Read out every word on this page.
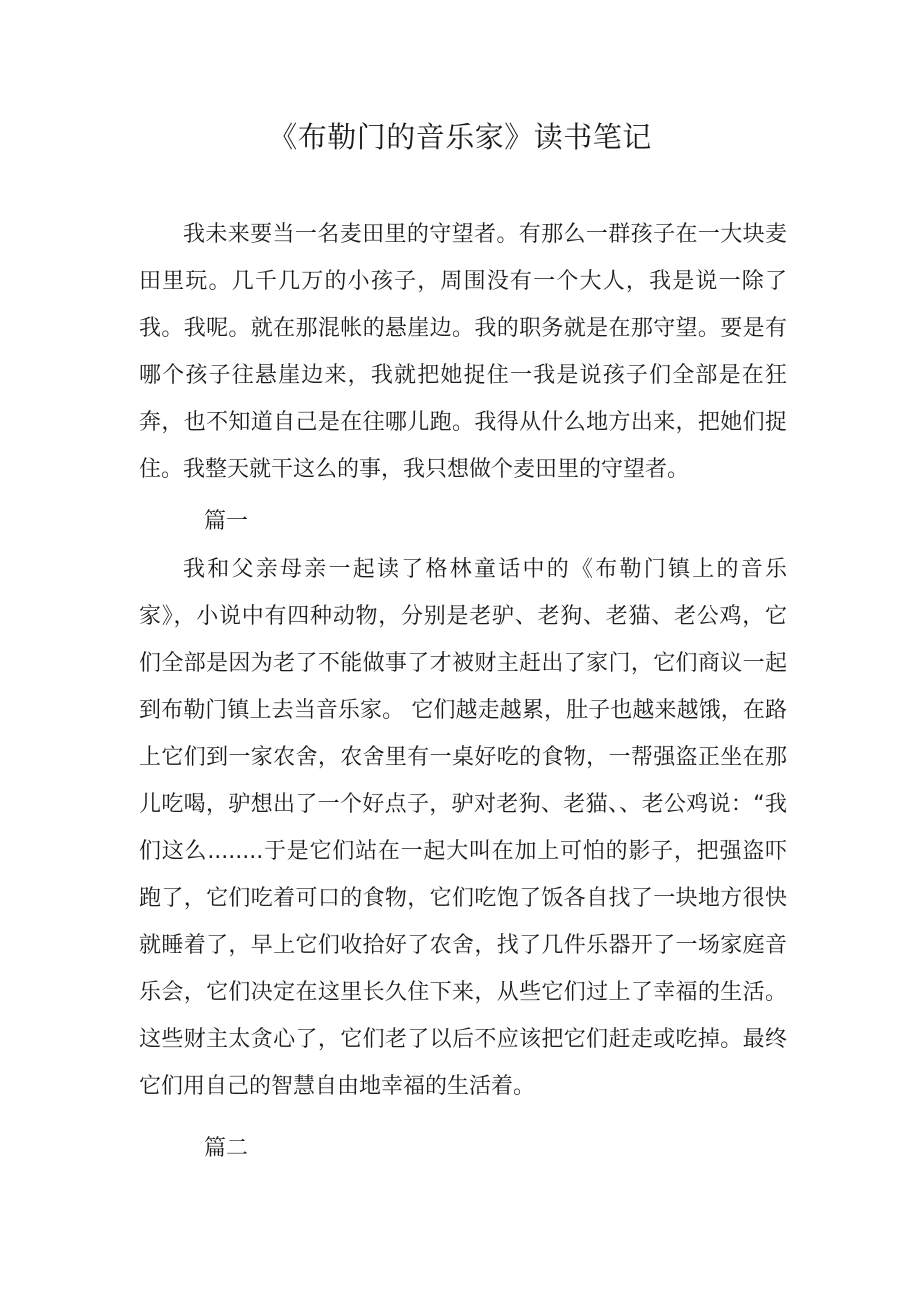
《布勒门的音乐家》读书笔记

我未来要当一名麦田里的守望者。有那么一群孩子在一大块麦田里玩。几千几万的小孩子，周围没有一个大人，我是说一除了我。我呢。就在那混帐的悬崖边。我的职务就是在那守望。要是有哪个孩子往悬崖边来，我就把她捉住一我是说孩子们全部是在狂奔，也不知道自己是在往哪儿跑。我得从什么地方出来，把她们捉住。我整天就干这么的事，我只想做个麦田里的守望者。

篇一

我和父亲母亲一起读了格林童话中的《布勒门镇上的音乐家》，小说中有四种动物，分别是老驴、老狗、老猫、老公鸡，它们全部是因为老了不能做事了才被财主赶出了家门，它们商议一起到布勒门镇上去当音乐家。 它们越走越累，肚子也越来越饿，在路上它们到一家农舍，农舍里有一桌好吃的食物，一帮强盗正坐在那儿吃喝，驴想出了一个好点子，驴对老狗、老猫、、老公鸡说：“我们这么........于是它们站在一起大叫在加上可怕的影子，把强盗吓跑了，它们吃着可口的食物，它们吃饱了饭各自找了一块地方很快就睡着了，早上它们收拾好了农舍，找了几件乐器开了一场家庭音乐会，它们决定在这里长久住下来，从些它们过上了幸福的生活。 这些财主太贪心了，它们老了以后不应该把它们赶走或吃掉。最终它们用自己的智慧自由地幸福的生活着。

篇二
